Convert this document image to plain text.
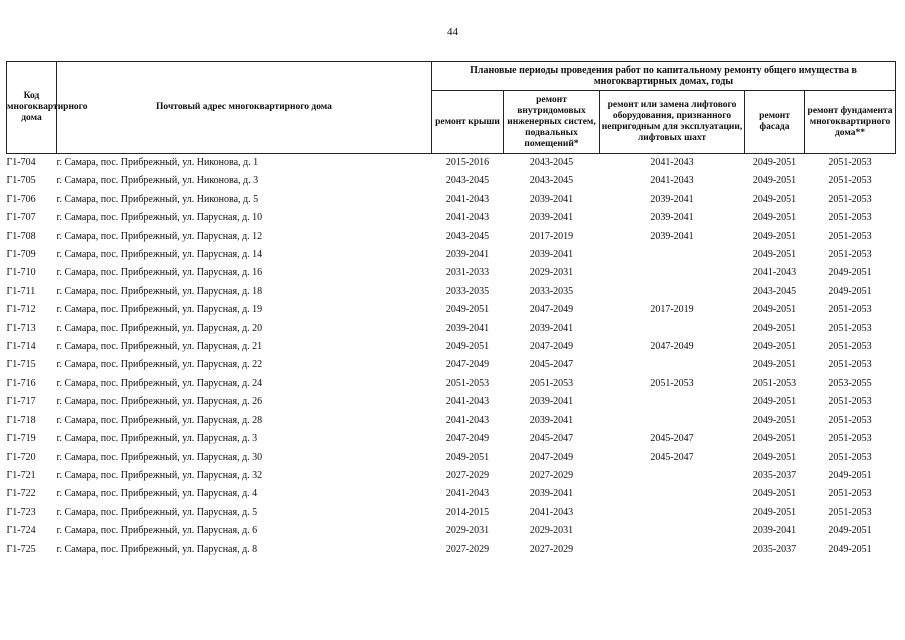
44
Код многоквартирного дома	Почтовый адрес многоквартирного дома	Плановые периоды проведения работ по капитальному ремонту общего имущества в многоквартирных домах, годы				
		ремонт крыши	ремонт внутридомовых инженерных систем, подвальных помещений*	ремонт или замена лифтового оборудования, признанного непригодным для эксплуатации, лифтовых шахт	ремонт фасада	ремонт фундамента многоквартирного дома**
Г1-704	г. Самара, пос. Прибрежный, ул. Никонова, д. 1	2015-2016	2043-2045	2041-2043	2049-2051	2051-2053
Г1-705	г. Самара, пос. Прибрежный, ул. Никонова, д. 3	2043-2045	2043-2045	2041-2043	2049-2051	2051-2053
Г1-706	г. Самара, пос. Прибрежный, ул. Никонова, д. 5	2041-2043	2039-2041	2039-2041	2049-2051	2051-2053
Г1-707	г. Самара, пос. Прибрежный, ул. Парусная, д. 10	2041-2043	2039-2041	2039-2041	2049-2051	2051-2053
Г1-708	г. Самара, пос. Прибрежный, ул. Парусная, д. 12	2043-2045	2017-2019	2039-2041	2049-2051	2051-2053
Г1-709	г. Самара, пос. Прибрежный, ул. Парусная, д. 14	2039-2041	2039-2041		2049-2051	2051-2053
Г1-710	г. Самара, пос. Прибрежный, ул. Парусная, д. 16	2031-2033	2029-2031		2041-2043	2049-2051
Г1-711	г. Самара, пос. Прибрежный, ул. Парусная, д. 18	2033-2035	2033-2035		2043-2045	2049-2051
Г1-712	г. Самара, пос. Прибрежный, ул. Парусная, д. 19	2049-2051	2047-2049	2017-2019	2049-2051	2051-2053
Г1-713	г. Самара, пос. Прибрежный, ул. Парусная, д. 20	2039-2041	2039-2041		2049-2051	2051-2053
Г1-714	г. Самара, пос. Прибрежный, ул. Парусная, д. 21	2049-2051	2047-2049	2047-2049	2049-2051	2051-2053
Г1-715	г. Самара, пос. Прибрежный, ул. Парусная, д. 22	2047-2049	2045-2047		2049-2051	2051-2053
Г1-716	г. Самара, пос. Прибрежный, ул. Парусная, д. 24	2051-2053	2051-2053	2051-2053	2051-2053	2053-2055
Г1-717	г. Самара, пос. Прибрежный, ул. Парусная, д. 26	2041-2043	2039-2041		2049-2051	2051-2053
Г1-718	г. Самара, пос. Прибрежный, ул. Парусная, д. 28	2041-2043	2039-2041		2049-2051	2051-2053
Г1-719	г. Самара, пос. Прибрежный, ул. Парусная, д. 3	2047-2049	2045-2047	2045-2047	2049-2051	2051-2053
Г1-720	г. Самара, пос. Прибрежный, ул. Парусная, д. 30	2049-2051	2047-2049	2045-2047	2049-2051	2051-2053
Г1-721	г. Самара, пос. Прибрежный, ул. Парусная, д. 32	2027-2029	2027-2029		2035-2037	2049-2051
Г1-722	г. Самара, пос. Прибрежный, ул. Парусная, д. 4	2041-2043	2039-2041		2049-2051	2051-2053
Г1-723	г. Самара, пос. Прибрежный, ул. Парусная, д. 5	2014-2015	2041-2043		2049-2051	2051-2053
Г1-724	г. Самара, пос. Прибрежный, ул. Парусная, д. 6	2029-2031	2029-2031		2039-2041	2049-2051
Г1-725	г. Самара, пос. Прибрежный, ул. Парусная, д. 8	2027-2029	2027-2029		2035-2037	2049-2051
